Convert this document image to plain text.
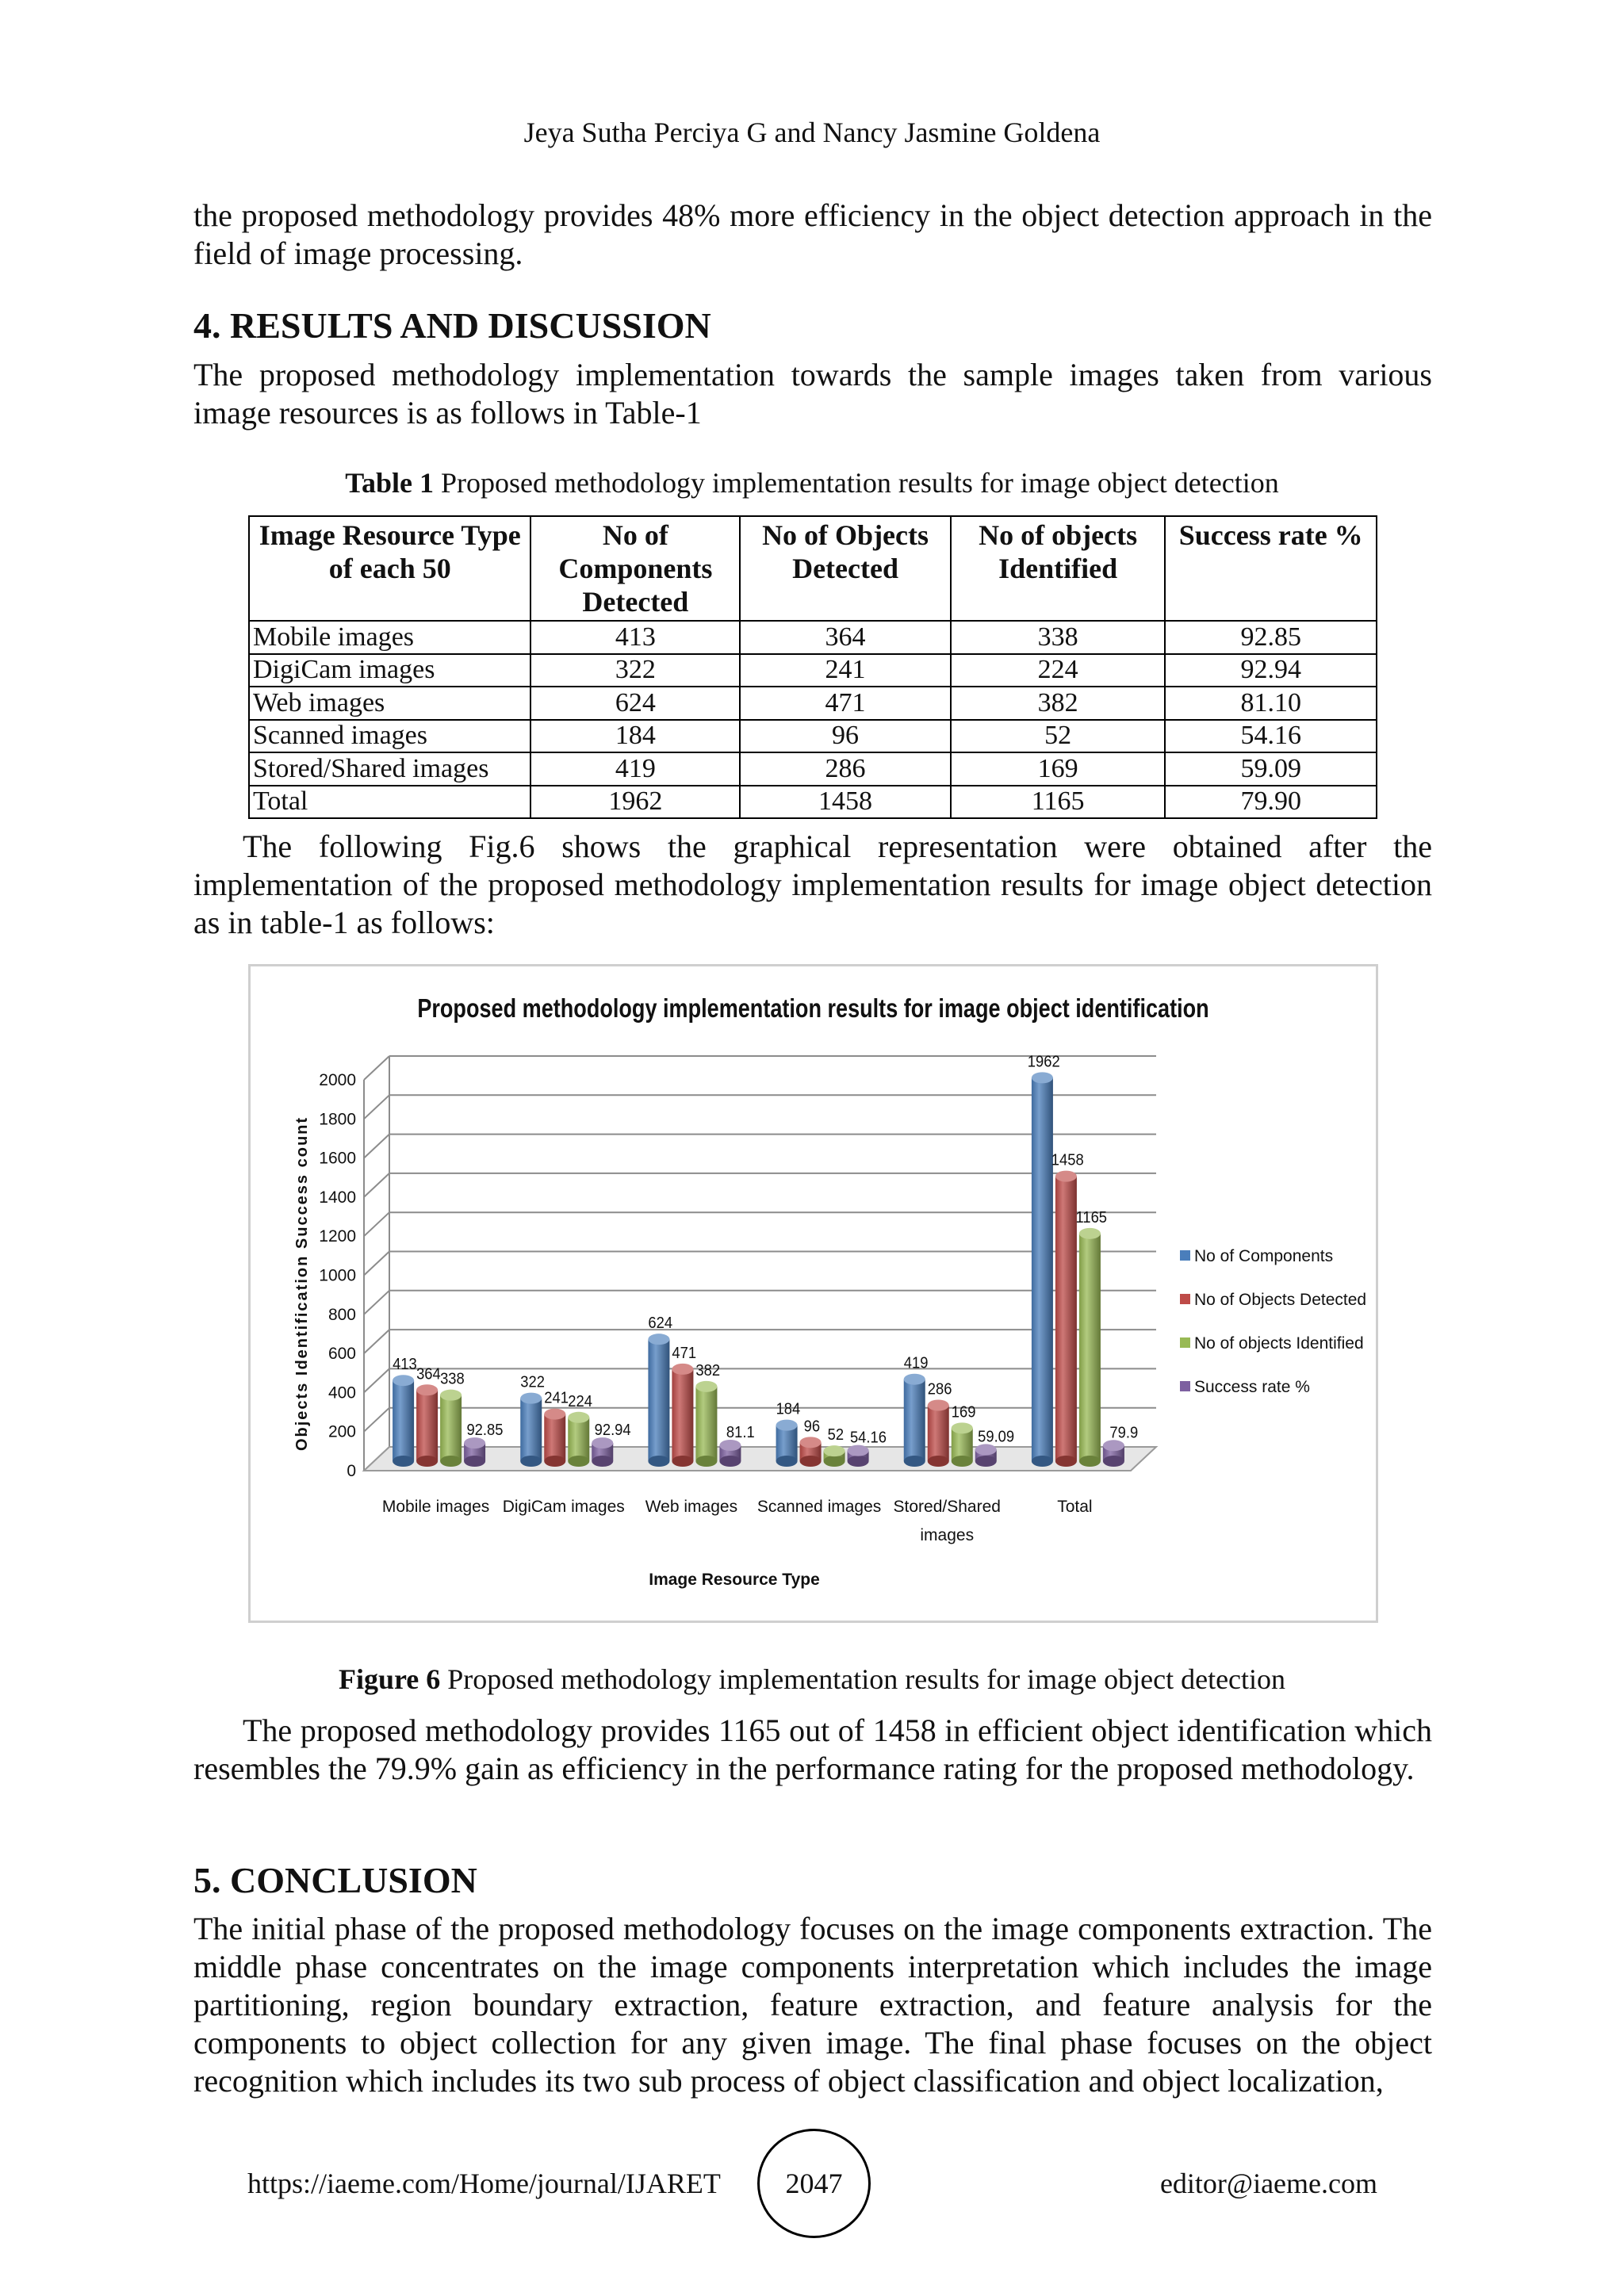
Jeya Sutha Perciya G and Nancy Jasmine Goldena

the proposed methodology provides 48% more efficiency in the object detection approach in the field of image processing.

4. RESULTS AND DISCUSSION

The proposed methodology implementation towards the sample images taken from various image resources is as follows in Table-1

Table 1 Proposed methodology implementation results for image object detection
Image Resource Type of each 50	No of Components Detected	No of Objects Detected	No of objects Identified	Success rate %
Mobile images	413	364	338	92.85
DigiCam images	322	241	224	92.94
Web images	624	471	382	81.10
Scanned images	184	96	52	54.16
Stored/Shared images	419	286	169	59.09
Total	1962	1458	1165	79.90

The following Fig.6 shows the graphical representation were obtained after the implementation of the proposed methodology implementation results for image object detection as in table-1 as follows:

Proposed methodology implementation results for image object identification
413
364 338
92.85
322
241 224
92.94
624
471
382
81.1
184
96 52 54.16
419
286
169
59.09
1962
1458
1165
79.9
0
200
400
600
800
1000
1200
1400
1600
1800
2000
Mobile images DigiCam images Web images Scanned images Stored/Shared images
Total
Image Resource Type
Objects Identification Success count	No of Components
No of Objects Detected
No of objects Identified
Success rate %
Figure 6 Proposed methodology implementation results for image object detection

The proposed methodology provides 1165 out of 1458 in efficient object identification which resembles the 79.9% gain as efficiency in the performance rating for the proposed methodology.

5. CONCLUSION

The initial phase of the proposed methodology focuses on the image components extraction. The middle phase concentrates on the image components interpretation which includes the image partitioning, region boundary extraction, feature extraction, and feature analysis for the components to object collection for any given image. The final phase focuses on the object recognition which includes its two sub process of object classification and object localization,

https://iaeme.com/Home/journal/IJARET	2047	editor@iaeme.com
